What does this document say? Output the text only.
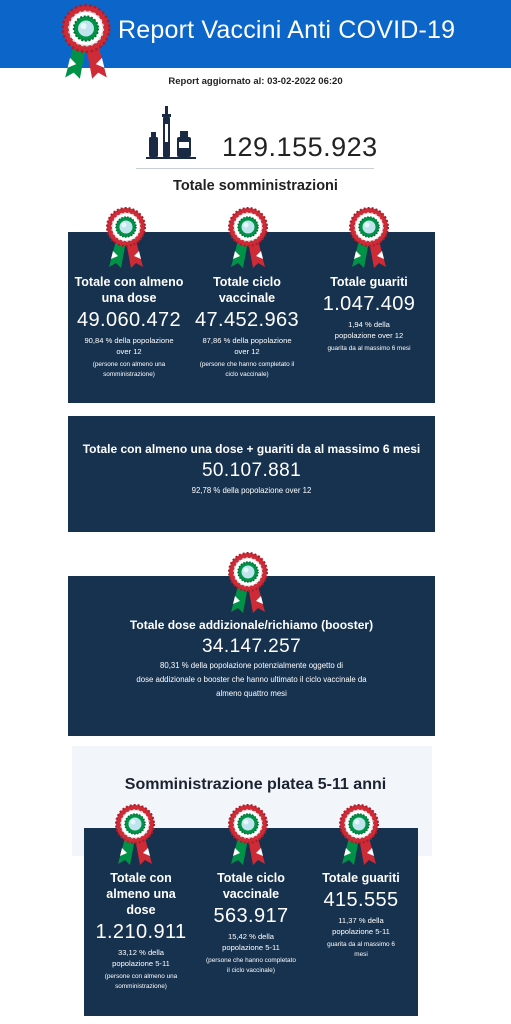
Report Vaccini Anti COVID-19
Report aggiornato al: 03-02-2022 06:20
129.155.923
Totale somministrazioni
Totale con almeno una dose
49.060.472
90,84 % della popolazione over 12
(persone con almeno una somministrazione)
Totale ciclo vaccinale
47.452.963
87,86 % della popolazione over 12
(persone che hanno completato il ciclo vaccinale)
Totale guariti
1.047.409
1,94 % della popolazione over 12
guarita da al massimo 6 mesi
Totale con almeno una dose + guariti da al massimo 6 mesi
50.107.881
92,78 % della popolazione over 12
Totale dose addizionale/richiamo (booster)
34.147.257
80,31 % della popolazione potenzialmente oggetto di
dose addizionale o booster che hanno ultimato il ciclo vaccinale da
almeno quattro mesi
Somministrazione platea 5-11 anni
Totale con almeno una dose
1.210.911
33,12 % della popolazione 5-11
(persone con almeno una somministrazione)
Totale ciclo vaccinale
563.917
15,42 % della popolazione 5-11
(persone che hanno completato il ciclo vaccinale)
Totale guariti
415.555
11,37 % della popolazione 5-11
guarita da al massimo 6 mesi
